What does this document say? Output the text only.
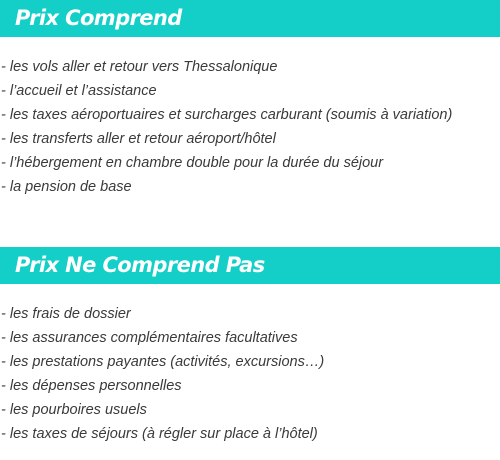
Prix Comprend
- les vols aller et retour vers Thessalonique
- l’accueil et l’assistance
- les taxes aéroportuaires et surcharges carburant (soumis à variation)
- les transferts aller et retour aéroport/hôtel
- l’hébergement en chambre double pour la durée du séjour
- la pension de base
Prix Ne Comprend Pas
- les frais de dossier
- les assurances complémentaires facultatives
- les prestations payantes (activités, excursions…)
- les dépenses personnelles
- les pourboires usuels
- les taxes de séjours (à régler sur place à l’hôtel)
